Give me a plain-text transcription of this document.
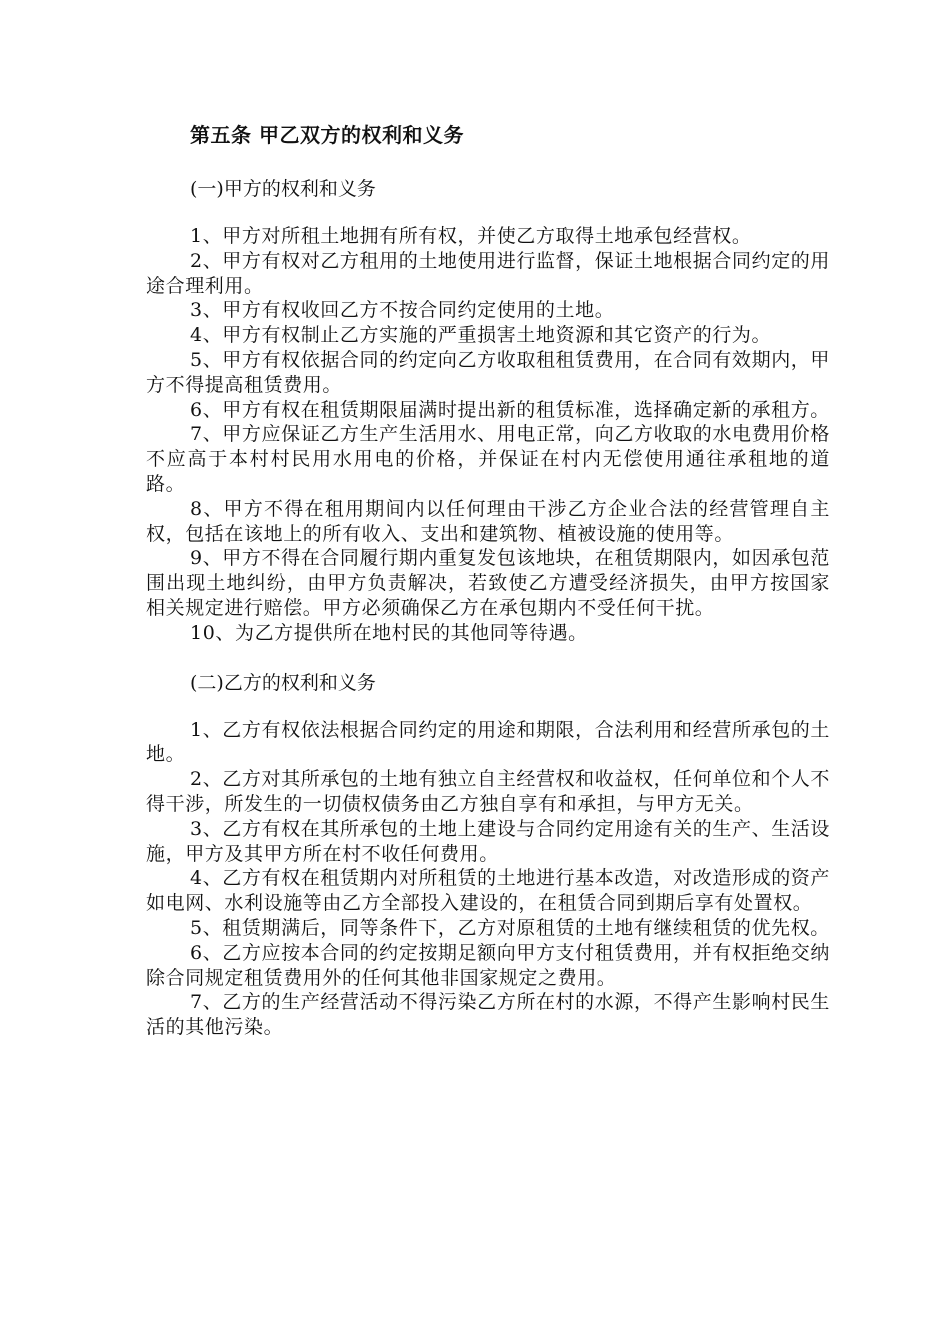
第五条 甲乙双方的权利和义务
(一)甲方的权利和义务

1、甲方对所租土地拥有所有权，并使乙方取得土地承包经营权。

2、甲方有权对乙方租用的土地使用进行监督，保证土地根据合同约定的用途合理利用。

3、甲方有权收回乙方不按合同约定使用的土地。

4、甲方有权制止乙方实施的严重损害土地资源和其它资产的行为。

5、甲方有权依据合同的约定向乙方收取租租赁费用，在合同有效期内，甲方不得提高租赁费用。

6、甲方有权在租赁期限届满时提出新的租赁标准，选择确定新的承租方。

7、甲方应保证乙方生产生活用水、用电正常，向乙方收取的水电费用价格不应高于本村村民用水用电的价格，并保证在村内无偿使用通往承租地的道路。

8、甲方不得在租用期间内以任何理由干涉乙方企业合法的经营管理自主权，包括在该地上的所有收入、支出和建筑物、植被设施的使用等。

9、甲方不得在合同履行期内重复发包该地块，在租赁期限内，如因承包范围出现土地纠纷，由甲方负责解决，若致使乙方遭受经济损失，由甲方按国家相关规定进行赔偿。甲方必须确保乙方在承包期内不受任何干扰。

10、为乙方提供所在地村民的其他同等待遇。

(二)乙方的权利和义务

1、乙方有权依法根据合同约定的用途和期限，合法利用和经营所承包的土地。

2、乙方对其所承包的土地有独立自主经营权和收益权，任何单位和个人不得干涉，所发生的一切债权债务由乙方独自享有和承担，与甲方无关。

3、乙方有权在其所承包的土地上建设与合同约定用途有关的生产、生活设施，甲方及其甲方所在村不收任何费用。

4、乙方有权在租赁期内对所租赁的土地进行基本改造，对改造形成的资产如电网、水利设施等由乙方全部投入建设的，在租赁合同到期后享有处置权。

5、租赁期满后，同等条件下，乙方对原租赁的土地有继续租赁的优先权。

6、乙方应按本合同的约定按期足额向甲方支付租赁费用，并有权拒绝交纳除合同规定租赁费用外的任何其他非国家规定之费用。

7、乙方的生产经营活动不得污染乙方所在村的水源，不得产生影响村民生活的其他污染。
